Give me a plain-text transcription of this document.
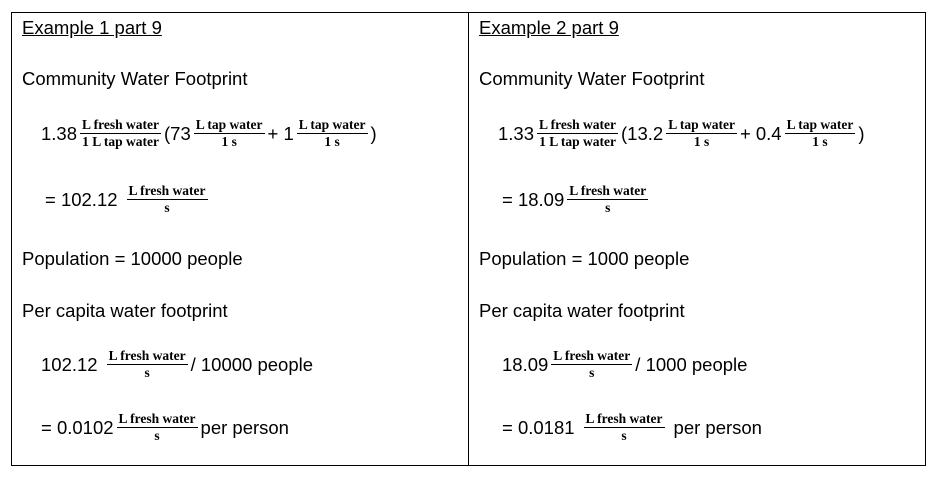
Example 1 part 9
Community Water Footprint
$1.38 \frac{\text{L fresh water}}{\text{1 L tap water}} (73 \frac{\text{L tap water}}{1 s} + 1 \frac{\text{L tap water}}{1 s}$ )
= $102.12 \frac{\text{L fresh water}}{s}$
Population = 10000 people
Per capita water footprint
$102.12 \frac{\text{L fresh water}}{s} / 10000$ people
= $0.0102 \frac{\text{L fresh water}}{s}$ per person
Example 2 part 9
Community Water Footprint
$1.33 \frac{\text{L fresh water}}{\text{1 L tap water}} (13.2 \frac{\text{L tap water}}{1 s} + 0.4 \frac{\text{L tap water}}{1 s}$ )
= $18.09 \frac{\text{L fresh water}}{s}$
Population = 1000 people
Per capita water footprint
$18.09 \frac{\text{L fresh water}}{s} / 1000$ people
= $0.0181 \frac{\text{L fresh water}}{s}$ per person
